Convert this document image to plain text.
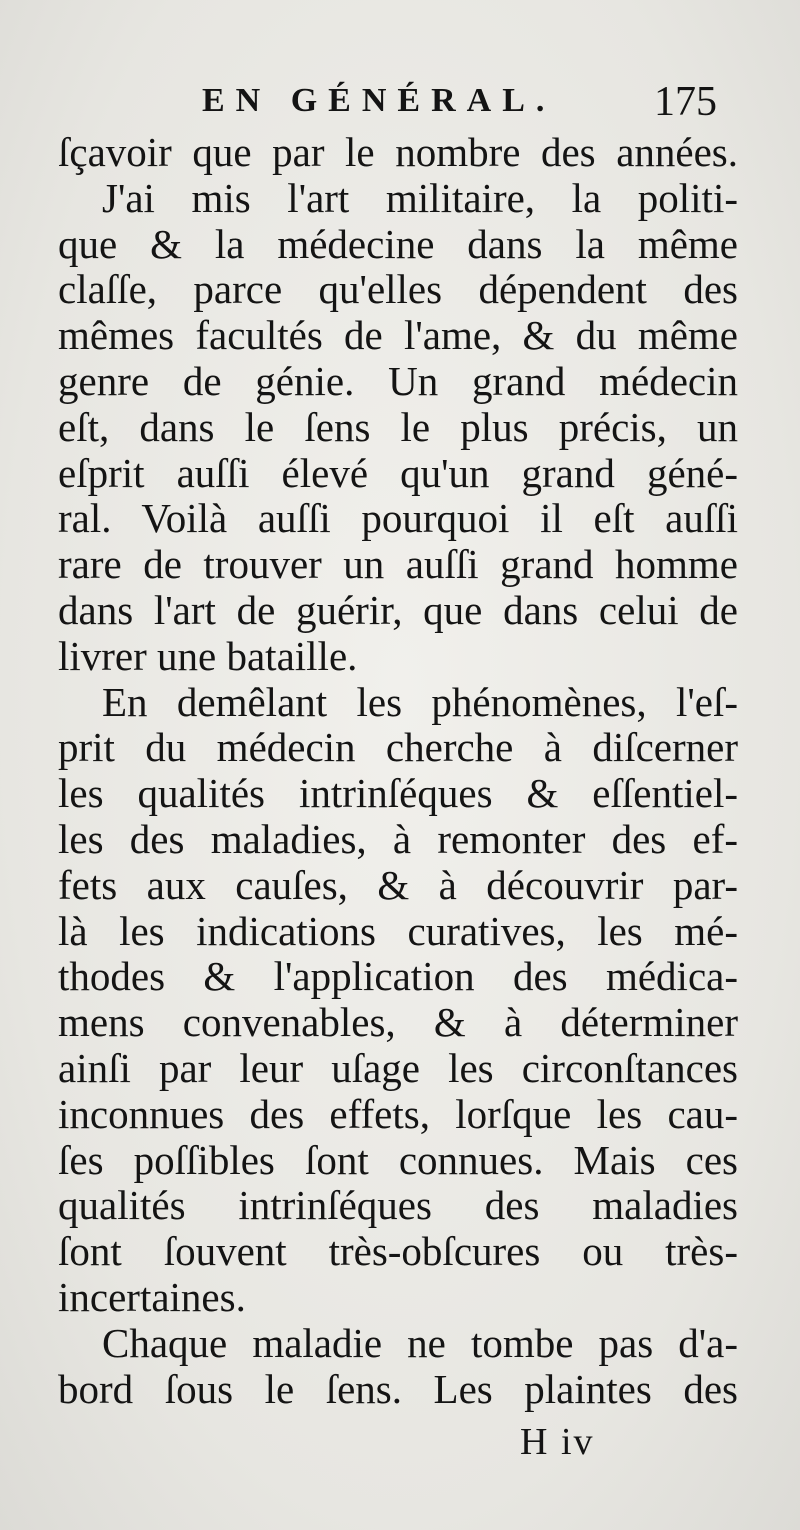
EN GÉNÉRAL. 175
ſçavoir que par le nombre des années.
J'ai mis l'art militaire, la politi-
que & la médecine dans la même
claſſe, parce qu'elles dépendent des
mêmes facultés de l'ame, & du même
genre de génie. Un grand médecin
eſt, dans le ſens le plus précis, un
eſprit auſſi élevé qu'un grand géné-
ral. Voilà auſſi pourquoi il eſt auſſi
rare de trouver un auſſi grand homme
dans l'art de guérir, que dans celui de
livrer une bataille.
En demêlant les phénomènes, l'eſ-
prit du médecin cherche à diſcerner
les qualités intrinſéques & eſſentiel-
les des maladies, à remonter des ef-
fets aux cauſes, & à découvrir par-
là les indications curatives, les mé-
thodes & l'application des médica-
mens convenables, & à déterminer
ainſi par leur uſage les circonſtances
inconnues des effets, lorſque les cau-
ſes poſſibles ſont connues. Mais ces
qualités intrinſéques des maladies
ſont ſouvent très-obſcures ou très-
incertaines.
Chaque maladie ne tombe pas d'a-
bord ſous le ſens. Les plaintes des
H iv
